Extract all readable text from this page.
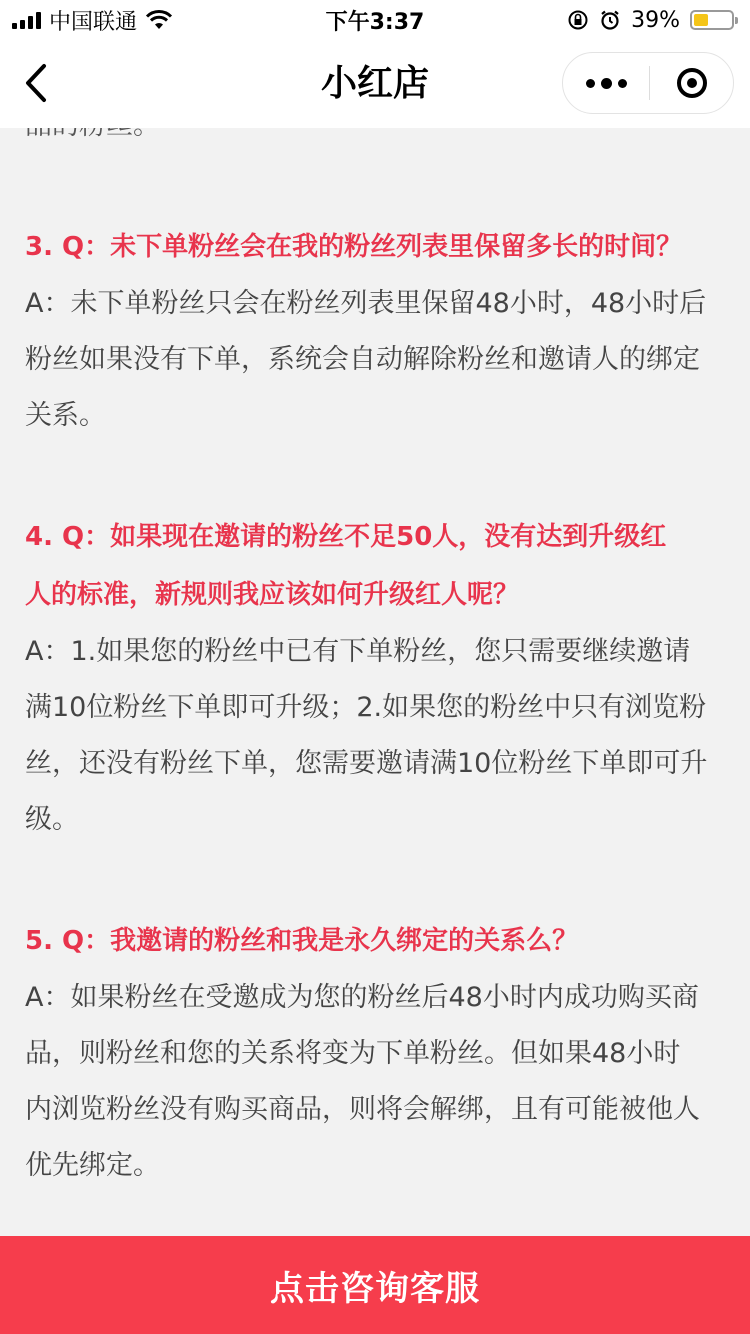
中国联通	下午3:37	39%
小红店

3. Q：未下单粉丝会在我的粉丝列表里保留多长的时间？

A：未下单粉丝只会在粉丝列表里保留48小时，48小时后

粉丝如果没有下单，系统会自动解除粉丝和邀请人的绑定

关系。

4. Q：如果现在邀请的粉丝不足50人，没有达到升级红

人的标准，新规则我应该如何升级红人呢？

A：1.如果您的粉丝中已有下单粉丝，您只需要继续邀请

满10位粉丝下单即可升级；2.如果您的粉丝中只有浏览粉

丝，还没有粉丝下单，您需要邀请满10位粉丝下单即可升

级。

5. Q：我邀请的粉丝和我是永久绑定的关系么？

A：如果粉丝在受邀成为您的粉丝后48小时内成功购买商

品，则粉丝和您的关系将变为下单粉丝。但如果48小时

内浏览粉丝没有购买商品，则将会解绑，且有可能被他人

优先绑定。

点击咨询客服
